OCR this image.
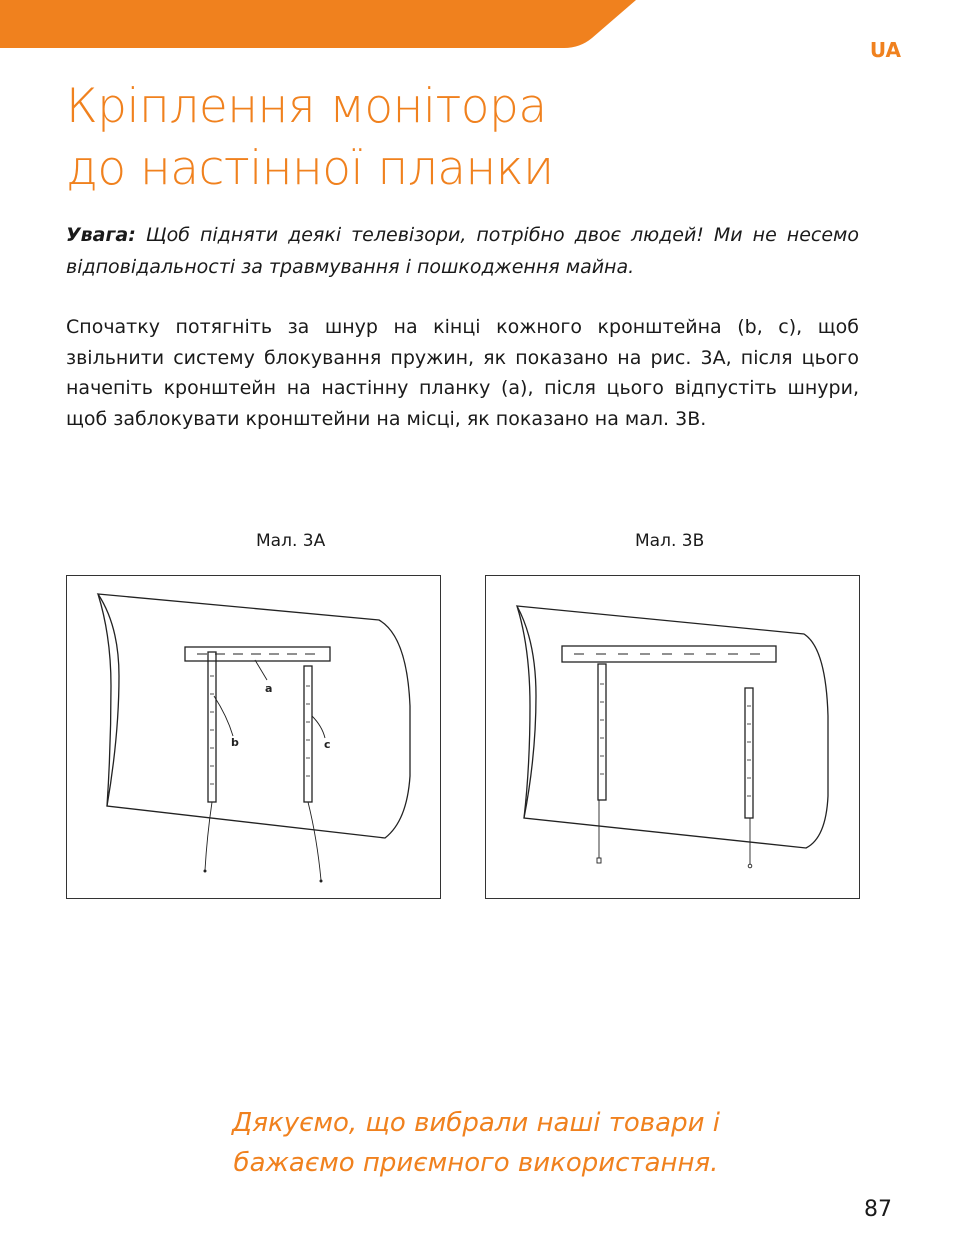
UA
Кріплення монітора
до настінної планки
Увага: Щоб підняти деякі телевізори, потрібно двоє людей! Ми не несемо відповідальності за травмування і пошкодження майна.
Спочатку потягніть за шнур на кінці кожного кронштейна (b, c), щоб звільнити систему блокування пружин, як показано на рис. 3A, після цього начепіть кронштейн на настінну планку (a), після цього відпустіть шнури, щоб заблокувати кронштейни на місці, як показано на мал. 3B.
Мал. 3A	Мал. 3B
a
b	c
Дякуємо, що вибрали наші товари і
бажаємо приємного використання.
87
